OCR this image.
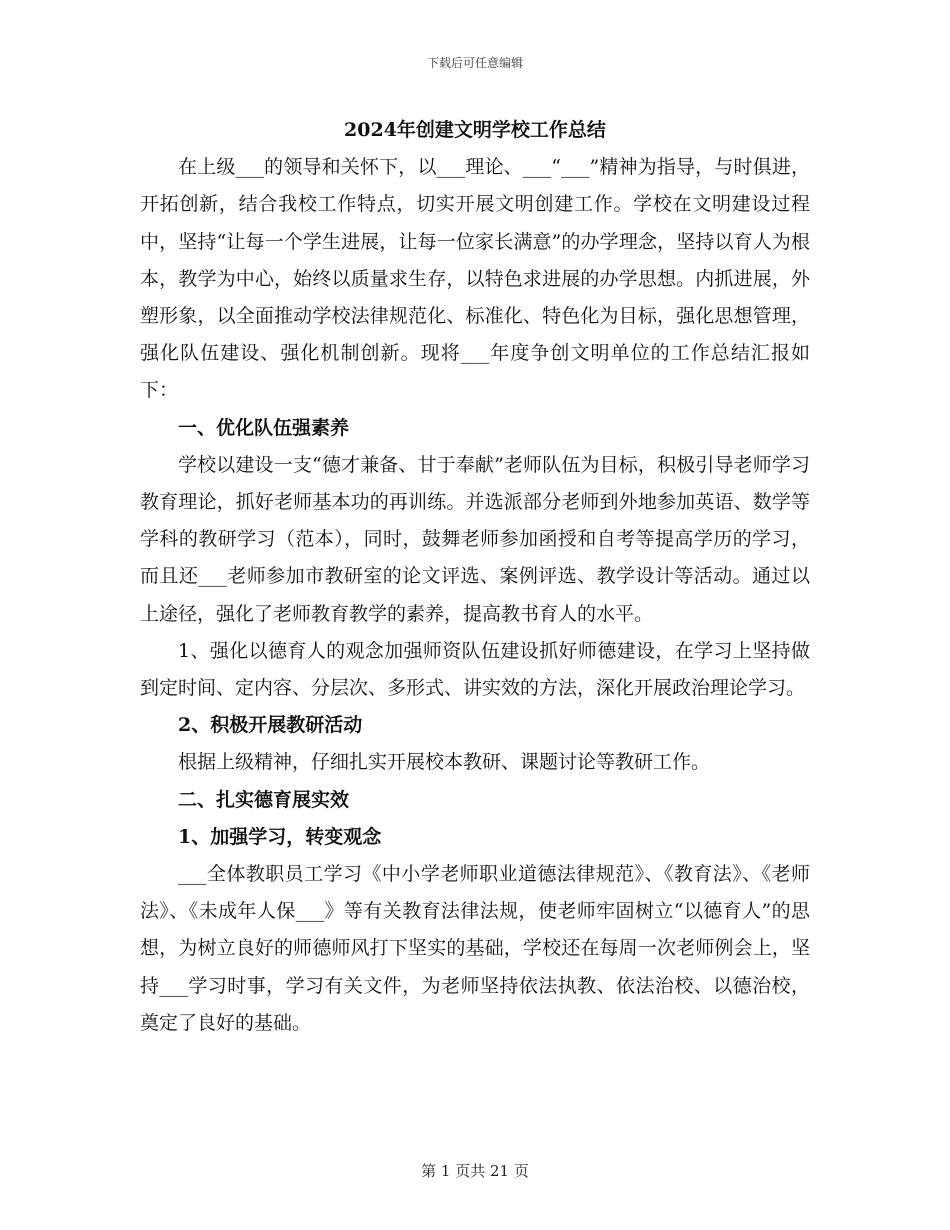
下载后可任意编辑
2024年创建文明学校工作总结

在上级___的领导和关怀下，以___理论、___“___”精神为指导，与时俱进，开拓创新，结合我校工作特点，切实开展文明创建工作。学校在文明建设过程中，坚持“让每一个学生进展，让每一位家长满意”的办学理念，坚持以育人为根本，教学为中心，始终以质量求生存，以特色求进展的办学思想。内抓进展，外塑形象，以全面推动学校法律规范化、标准化、特色化为目标，强化思想管理，强化队伍建设、强化机制创新。现将___年度争创文明单位的工作总结汇报如下：

一、优化队伍强素养

学校以建设一支“德才兼备、甘于奉献”老师队伍为目标，积极引导老师学习教育理论，抓好老师基本功的再训练。并选派部分老师到外地参加英语、数学等学科的教研学习（范本），同时，鼓舞老师参加函授和自考等提高学历的学习，而且还___老师参加市教研室的论文评选、案例评选、教学设计等活动。通过以上途径，强化了老师教育教学的素养，提高教书育人的水平。

1、强化以德育人的观念加强师资队伍建设抓好师德建设，在学习上坚持做到定时间、定内容、分层次、多形式、讲实效的方法，深化开展政治理论学习。

2、积极开展教研活动

根据上级精神，仔细扎实开展校本教研、课题讨论等教研工作。

二、扎实德育展实效

1、加强学习，转变观念

___全体教职员工学习《中小学老师职业道德法律规范》、《教育法》、《老师法》、《未成年人保___》等有关教育法律法规，使老师牢固树立“以德育人”的思想，为树立良好的师德师风打下坚实的基础，学校还在每周一次老师例会上，坚持___学习时事，学习有关文件，为老师坚持依法执教、依法治校、以德治校，奠定了良好的基础。

第 1 页共 21 页
